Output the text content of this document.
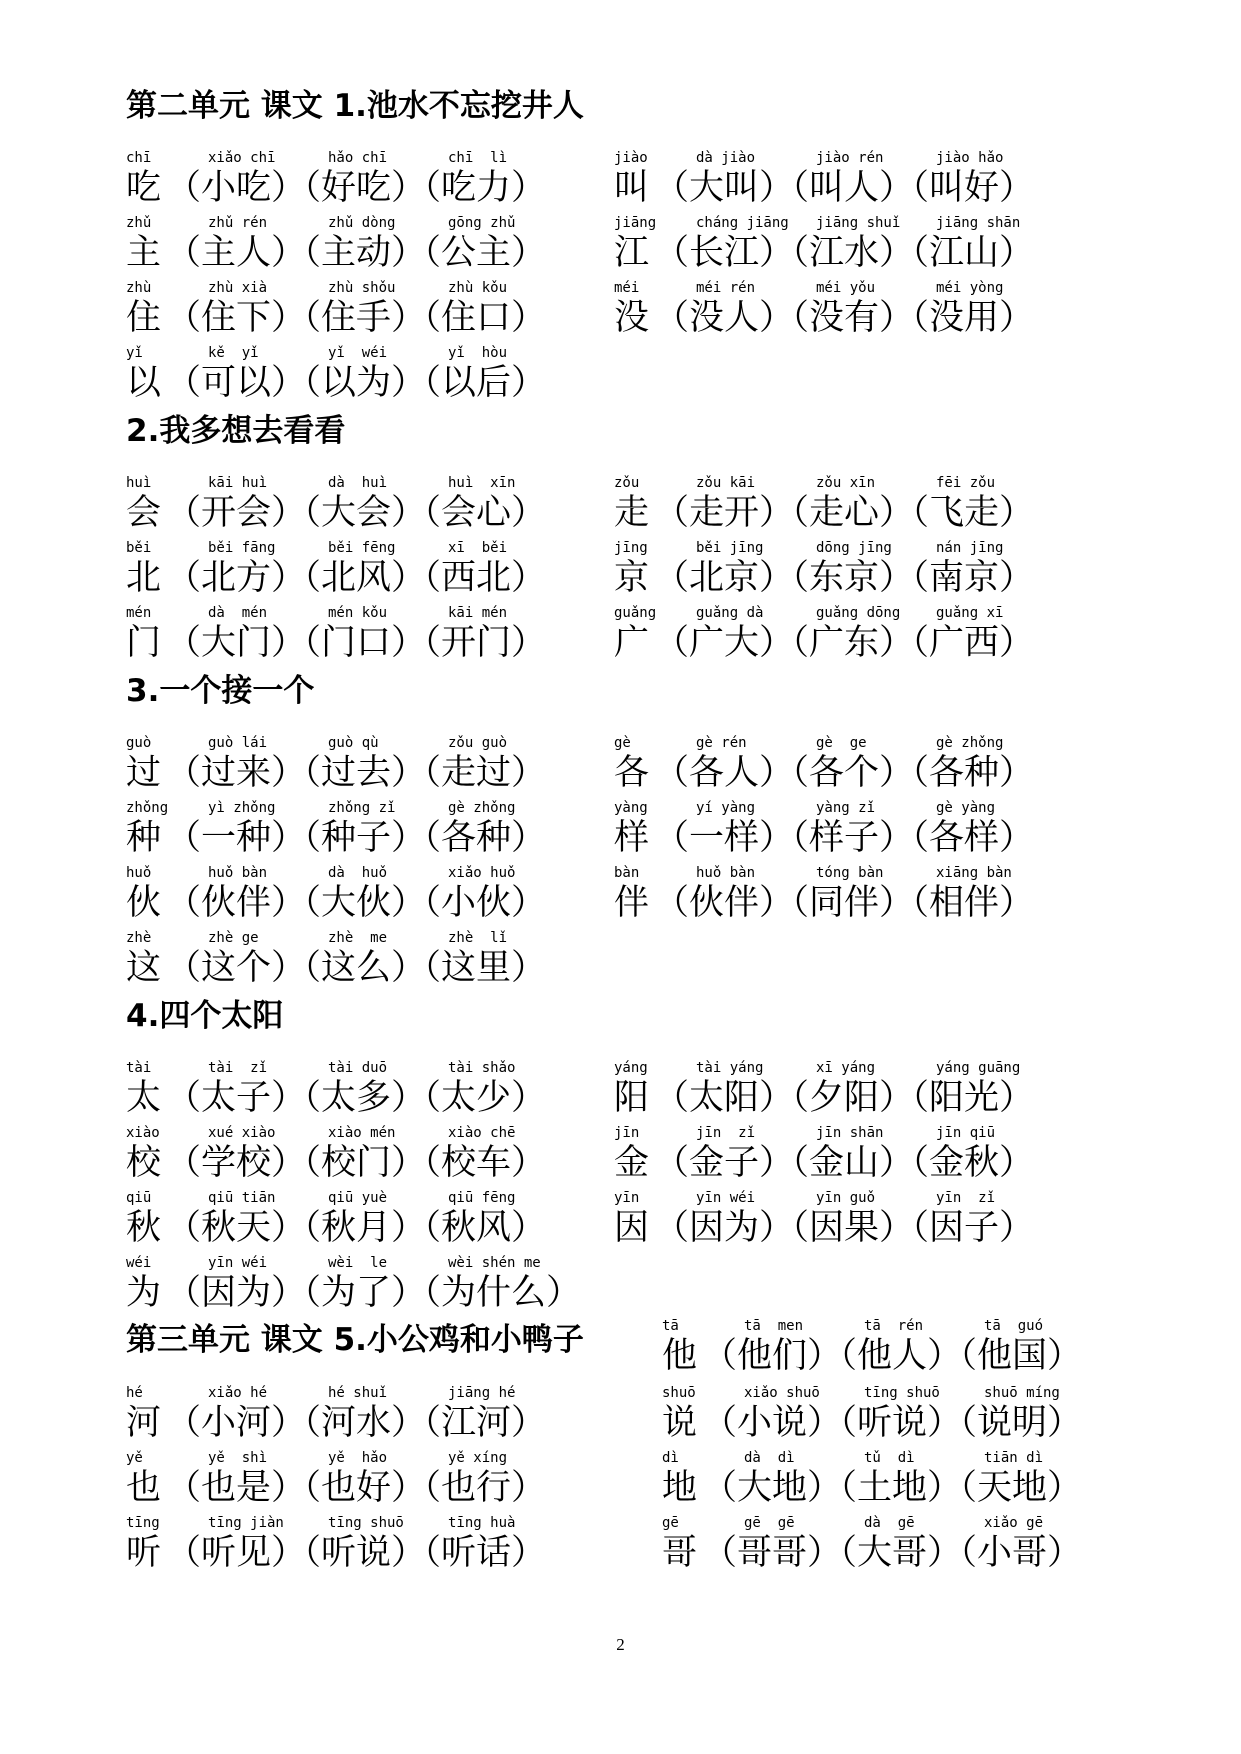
第二单元 课文 1.池水不忘挖井人
2.我多想去看看
3.一个接一个
4.四个太阳
第三单元 课文 5.小公鸡和小鸭子
chī
吃
xiǎo chī
（小吃）
hǎo chī
（好吃）
chī  lì
（吃力）
jiào
叫
dà jiào
（大叫）
jiào rén
（叫人）
jiào hǎo
（叫好）
zhǔ
主
zhǔ rén
（主人）
zhǔ dòng
（主动）
gōng zhǔ
（公主）
jiāng
江
cháng jiāng
（长江）
jiāng shuǐ
（江水）
jiāng shān
（江山）
zhù
住
zhù xià
（住下）
zhù shǒu
（住手）
zhù kǒu
（住口）
méi
没
méi rén
（没人）
méi yǒu
（没有）
méi yòng
（没用）
yǐ
以
kě  yǐ
（可以）
yǐ  wéi
（以为）
yǐ  hòu
（以后）
huì
会
kāi huì
（开会）
dà  huì
（大会）
huì  xīn
（会心）
zǒu
走
zǒu kāi
（走开）
zǒu xīn
（走心）
fēi zǒu
（飞走）
běi
北
běi fāng
（北方）
běi fēng
（北风）
xī  běi
（西北）
jīng
京
běi jīng
（北京）
dōng jīng
（东京）
nán jīng
（南京）
mén
门
dà  mén
（大门）
mén kǒu
（门口）
kāi mén
（开门）
guǎng
广
guǎng dà
（广大）
guǎng dōng
（广东）
guǎng xī
（广西）
guò
过
guò lái
（过来）
guò qù
（过去）
zǒu guò
（走过）
gè
各
gè rén
（各人）
gè  ge
（各个）
gè zhǒng
（各种）
zhǒng
种
yì zhǒng
（一种）
zhǒng zǐ
（种子）
gè zhǒng
（各种）
yàng
样
yí yàng
（一样）
yàng zǐ
（样子）
gè yàng
（各样）
huǒ
伙
huǒ bàn
（伙伴）
dà  huǒ
（大伙）
xiǎo huǒ
（小伙）
bàn
伴
huǒ bàn
（伙伴）
tóng bàn
（同伴）
xiāng bàn
（相伴）
zhè
这
zhè ge
（这个）
zhè  me
（这么）
zhè  lǐ
（这里）
tài
太
tài  zǐ
（太子）
tài duō
（太多）
tài shǎo
（太少）
yáng
阳
tài yáng
（太阳）
xī yáng
（夕阳）
yáng guāng
（阳光）
xiào
校
xué xiào
（学校）
xiào mén
（校门）
xiào chē
（校车）
jīn
金
jīn  zǐ
（金子）
jīn shān
（金山）
jīn qiū
（金秋）
qiū
秋
qiū tiān
（秋天）
qiū yuè
（秋月）
qiū fēng
（秋风）
yīn
因
yīn wéi
（因为）
yīn guǒ
（因果）
yīn  zǐ
（因子）
wéi
为
yīn wéi
（因为）
wèi  le
（为了）
wèi shén me
（为什么）
tā
他
tā  men
（他们）
tā  rén
（他人）
tā  guó
（他国）
hé
河
xiǎo hé
（小河）
hé shuǐ
（河水）
jiāng hé
（江河）
shuō
说
xiǎo shuō
（小说）
tīng shuō
（听说）
shuō míng
（说明）
yě
也
yě  shì
（也是）
yě  hǎo
（也好）
yě xíng
（也行）
dì
地
dà  dì
（大地）
tǔ  dì
（土地）
tiān dì
（天地）
tīng
听
tīng jiàn
（听见）
tīng shuō
（听说）
tīng huà
（听话）
gē
哥
gē  gē
（哥哥）
dà  gē
（大哥）
xiǎo gē
（小哥）
2
